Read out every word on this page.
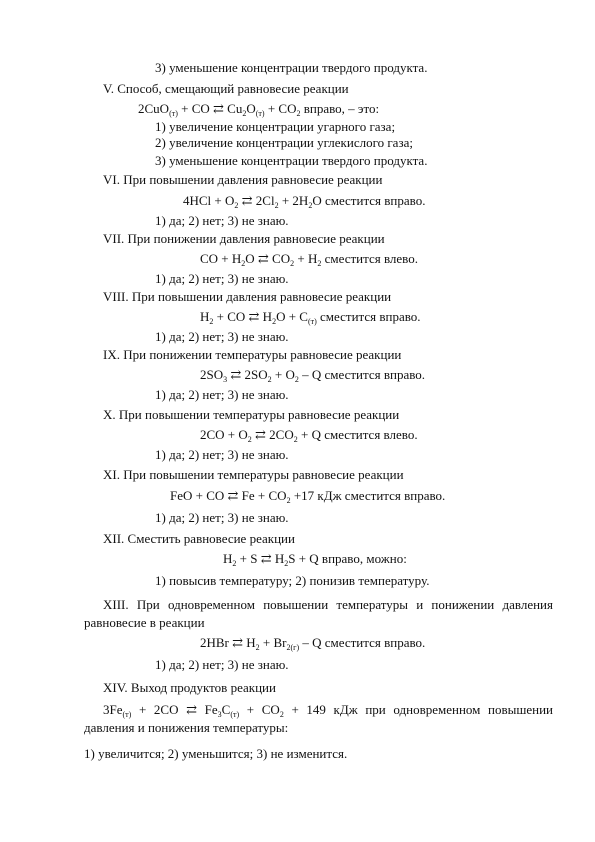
3) уменьшение концентрации твердого продукта.
V. Способ, смещающий равновесие реакции
2CuO$_{(т)}$ + CO ⇄ $Cu_2O_{(т)} + CO_2$ вправо, – это:
1) увеличение концентрации угарного газа;
2) увеличение концентрации углекислого газа;
3) уменьшение концентрации твердого продукта.
VI. При повышении давления равновесие реакции
$4HCl + O_2$ ⇄ $2Cl_2 + 2H_2O$ сместится вправо.
1) да; 2) нет; 3) не знаю.
VII. При понижении давления равновесие реакции
CO + $H_2O$ ⇄ $CO_2 + H_2$ сместится влево.
1) да; 2) нет; 3) не знаю.
VIII. При повышении давления равновесие реакции
$H_2$ + CO ⇄ $H_2O + C_{(т)}$ сместится вправо.
1) да; 2) нет; 3) не знаю.
IX. При понижении температуры равновесие реакции
$2SO_3$ ⇄ $2SO_2 + O_2 - Q$ сместится вправо.
1) да; 2) нет; 3) не знаю.
X. При повышении температуры равновесие реакции
$2CO + O_2$ ⇄ $2CO_2 + Q$ сместится влево.
1) да; 2) нет; 3) не знаю.
XI. При повышении температуры равновесие реакции
FeO + CO ⇄ $Fe + CO_2 +17$ кДж сместится вправо.
1) да; 2) нет; 3) не знаю.
XII. Сместить равновесие реакции
$H_2 + S$ ⇄ $H_2S + Q$ вправо, можно:
1) повысив температуру; 2) понизив температуру.
XIII. При одновременном повышении температуры и понижении давления
равновесие в реакции
2HBr ⇄ $H_2 + Br_{2(г)} - Q$ сместится вправо.
1) да; 2) нет; 3) не знаю.
XIV. Выход продуктов реакции
$3Fe_{(т)} + 2CO$ ⇄ $Fe_3C_{(т)} + CO_2 + 149$ кДж при одновременном повышении
давления и понижения температуры:
1) увеличится; 2) уменьшится; 3) не изменится.
